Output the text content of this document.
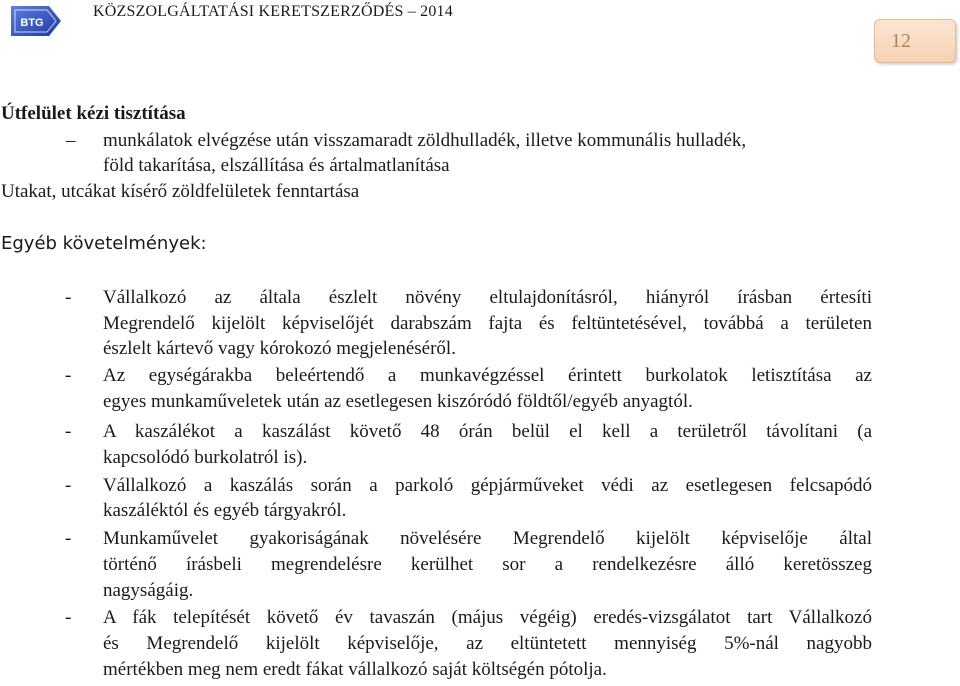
BTG
KÖZSZOLGÁLTATÁSI KERETSZERZŐDÉS – 2014
12
Útfelület kézi tisztítása
– munkálatok elvégzése után visszamaradt zöldhulladék, illetve kommunális hulladék,
föld takarítása, elszállítása és ártalmatlanítása
Utakat, utcákat kísérő zöldfelületek fenntartása
Egyéb követelmények:
- Vállalkozó az általa észlelt növény eltulajdonításról, hiányról írásban értesíti
Megrendelő kijelölt képviselőjét darabszám fajta és feltüntetésével, továbbá a területen
észlelt kártevő vagy kórokozó megjelenéséről.
- Az egységárakba beleértendő a munkavégzéssel érintett burkolatok letisztítása az
egyes munkaműveletek után az esetlegesen kiszóródó földtől/egyéb anyagtól.
- A kaszálékot a kaszálást követő 48 órán belül el kell a területről távolítani (a
kapcsolódó burkolatról is).
- Vállalkozó a kaszálás során a parkoló gépjárműveket védi az esetlegesen felcsapódó
kaszáléktól és egyéb tárgyakról.
- Munkaművelet gyakoriságának növelésére Megrendelő kijelölt képviselője által
történő írásbeli megrendelésre kerülhet sor a rendelkezésre álló keretösszeg
nagyságáig.
- A fák telepítését követő év tavaszán (május végéig) eredés-vizsgálatot tart Vállalkozó
és Megrendelő kijelölt képviselője, az eltüntetett mennyiség 5%-nál nagyobb
mértékben meg nem eredt fákat vállalkozó saját költségén pótolja.
